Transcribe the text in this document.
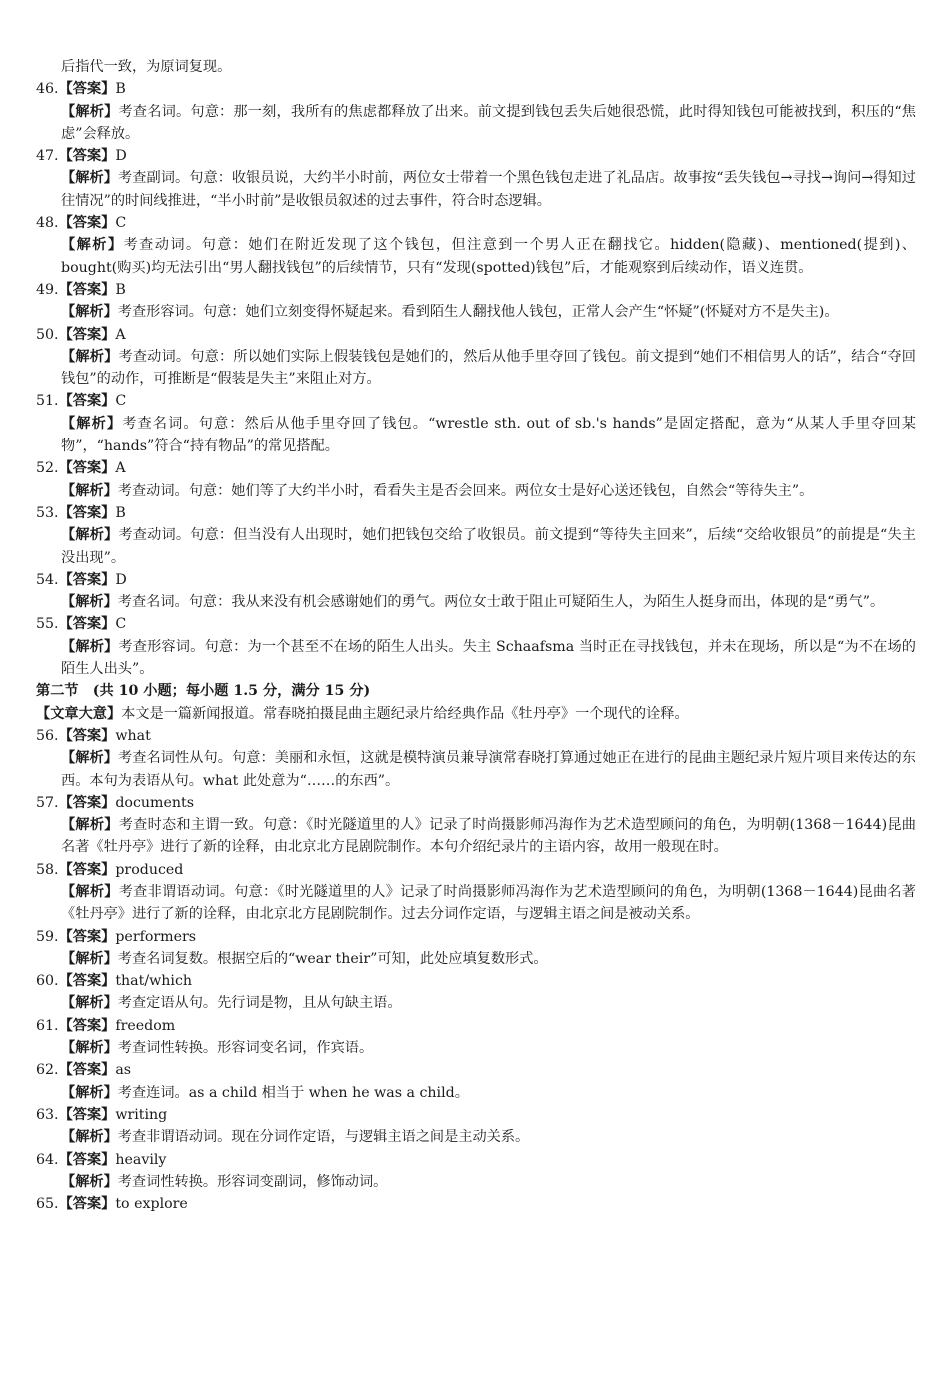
后指代一致，为原词复现。

46.【答案】B

【解析】考查名词。句意：那一刻，我所有的焦虑都释放了出来。前文提到钱包丢失后她很恐慌，此时得知钱包可能被找到，积压的“焦虑”会释放。

47.【答案】D

【解析】考查副词。句意：收银员说，大约半小时前，两位女士带着一个黑色钱包走进了礼品店。故事按“丢失钱包→寻找→询问→得知过往情况”的时间线推进，“半小时前”是收银员叙述的过去事件，符合时态逻辑。

48.【答案】C

【解析】考查动词。句意：她们在附近发现了这个钱包，但注意到一个男人正在翻找它。hidden(隐藏)、mentioned(提到)、bought(购买)均无法引出“男人翻找钱包”的后续情节，只有“发现(spotted)钱包”后，才能观察到后续动作，语义连贯。

49.【答案】B

【解析】考查形容词。句意：她们立刻变得怀疑起来。看到陌生人翻找他人钱包，正常人会产生“怀疑”(怀疑对方不是失主)。

50.【答案】A

【解析】考查动词。句意：所以她们实际上假装钱包是她们的，然后从他手里夺回了钱包。前文提到“她们不相信男人的话”，结合“夺回钱包”的动作，可推断是“假装是失主”来阻止对方。

51.【答案】C

【解析】考查名词。句意：然后从他手里夺回了钱包。“wrestle sth. out of sb.'s hands”是固定搭配，意为“从某人手里夺回某物”，“hands”符合“持有物品”的常见搭配。

52.【答案】A

【解析】考查动词。句意：她们等了大约半小时，看看失主是否会回来。两位女士是好心送还钱包，自然会“等待失主”。

53.【答案】B

【解析】考查动词。句意：但当没有人出现时，她们把钱包交给了收银员。前文提到“等待失主回来”，后续“交给收银员”的前提是“失主没出现”。

54.【答案】D

【解析】考查名词。句意：我从来没有机会感谢她们的勇气。两位女士敢于阻止可疑陌生人，为陌生人挺身而出，体现的是“勇气”。

55.【答案】C

【解析】考查形容词。句意：为一个甚至不在场的陌生人出头。失主 Schaafsma 当时正在寻找钱包，并未在现场，所以是“为不在场的陌生人出头”。

第二节　(共 10 小题；每小题 1.5 分，满分 15 分)

【文章大意】本文是一篇新闻报道。常春晓拍摄昆曲主题纪录片给经典作品《牡丹亭》一个现代的诠释。

56.【答案】what

【解析】考查名词性从句。句意：美丽和永恒，这就是模特演员兼导演常春晓打算通过她正在进行的昆曲主题纪录片短片项目来传达的东西。本句为表语从句。what 此处意为“……的东西”。

57.【答案】documents

【解析】考查时态和主谓一致。句意：《时光隧道里的人》记录了时尚摄影师冯海作为艺术造型顾问的角色，为明朝(1368－1644)昆曲名著《牡丹亭》进行了新的诠释，由北京北方昆剧院制作。本句介绍纪录片的主语内容，故用一般现在时。

58.【答案】produced

【解析】考查非谓语动词。句意：《时光隧道里的人》记录了时尚摄影师冯海作为艺术造型顾问的角色，为明朝(1368－1644)昆曲名著《牡丹亭》进行了新的诠释，由北京北方昆剧院制作。过去分词作定语，与逻辑主语之间是被动关系。

59.【答案】performers

【解析】考查名词复数。根据空后的“wear their”可知，此处应填复数形式。

60.【答案】that/which

【解析】考查定语从句。先行词是物，且从句缺主语。

61.【答案】freedom

【解析】考查词性转换。形容词变名词，作宾语。

62.【答案】as

【解析】考查连词。as a child 相当于 when he was a child。

63.【答案】writing

【解析】考查非谓语动词。现在分词作定语，与逻辑主语之间是主动关系。

64.【答案】heavily

【解析】考查词性转换。形容词变副词，修饰动词。

65.【答案】to explore
